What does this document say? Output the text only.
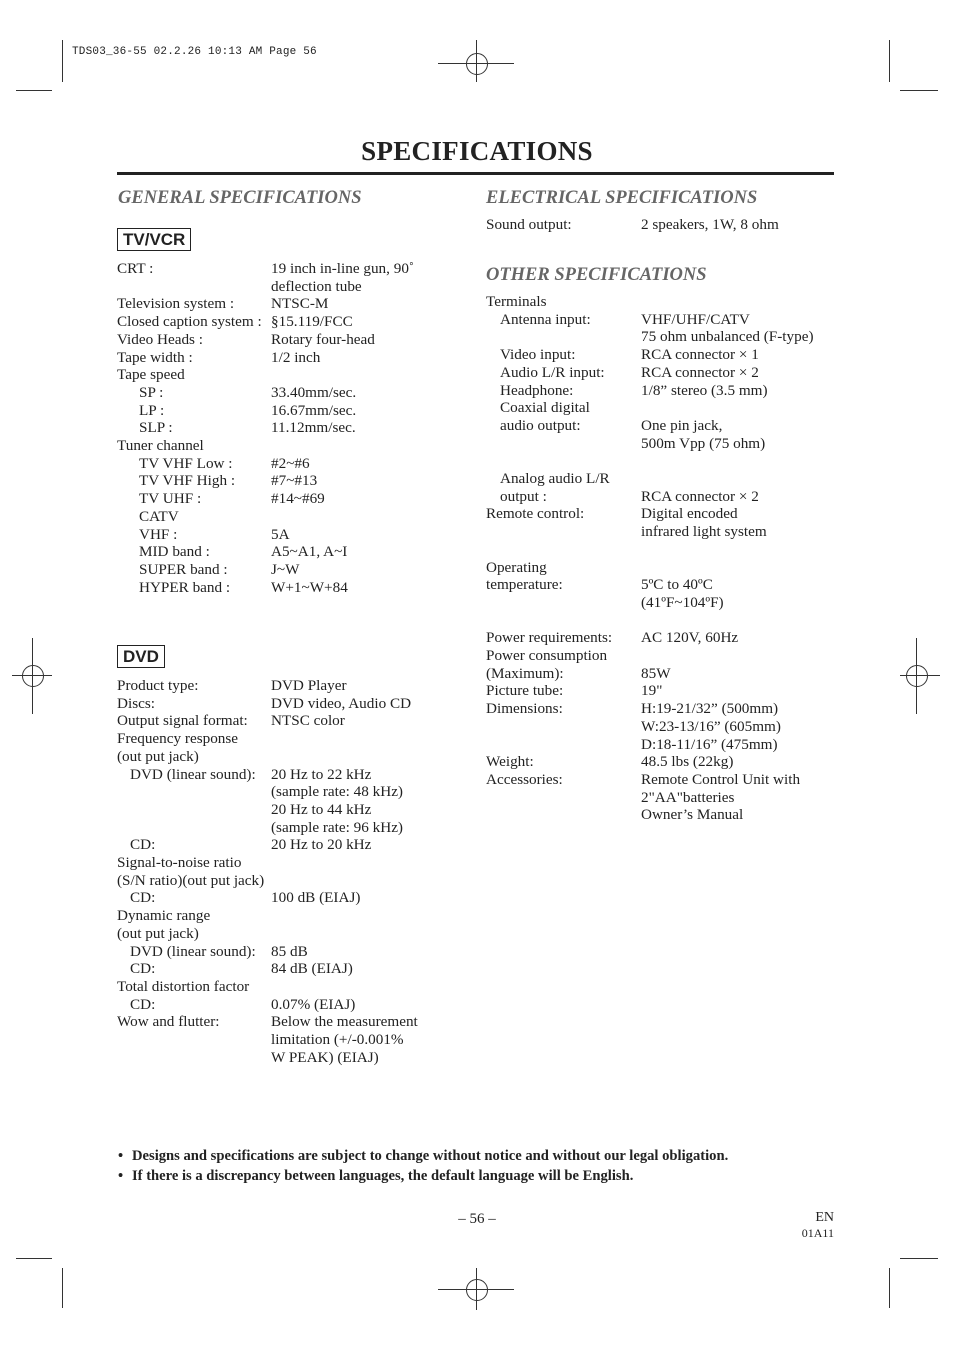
TDS03_36-55 02.2.26 10:13 AM Page 56
SPECIFICATIONS
GENERAL SPECIFICATIONS
TV/VCR
DVD
ELECTRICAL SPECIFICATIONS
OTHER SPECIFICATIONS
• Designs and specifications are subject to change without notice and without our legal obligation.
• If there is a discrepancy between languages, the default language will be English.
– 56 –	EN
01A11
CRT :	19 inch in-line gun, 90˚
deflection tube
Television system : NTSC-M
Closed caption system : §15.119/FCC
Video Heads :	Rotary four-head
Tape width :	1/2 inch
Tape speed
SP :	33.40mm/sec.
LP :	16.67mm/sec.
SLP :	11.12mm/sec.
Tuner channel
TV VHF Low :	#2~#6
TV VHF High : #7~#13
TV UHF :	#14~#69
CATV
VHF :	5A
MID band :	A5~A1, A~I
SUPER band :	J~W
HYPER band :	W+1~W+84
Product type:	DVD Player
Discs:	DVD video, Audio CD
Output signal format: NTSC color
Frequency response
(out put jack)
DVD (linear sound): 20 Hz to 22 kHz
(sample rate: 48 kHz)
20 Hz to 44 kHz
(sample rate: 96 kHz)
CD:	20 Hz to 20 kHz
Signal-to-noise ratio
(S/N ratio)(out put jack)
CD:	100 dB (EIAJ)
Dynamic range
(out put jack)
DVD (linear sound): 85 dB
CD:	84 dB (EIAJ)
Total distortion factor
CD:	0.07% (EIAJ)
Wow and flutter:	Below the measurement
limitation (+/-0.001%
W PEAK) (EIAJ)
Sound output:	2 speakers, 1W, 8 ohm
Terminals
Antenna input:	VHF/UHF/CATV
75 ohm unbalanced (F-type)
Video input:	RCA connector × 1
Audio L/R input: RCA connector × 2
Headphone:	1/8” stereo (3.5 mm)
Coaxial digital
audio output:	One pin jack,
500m Vpp (75 ohm)
Analog audio L/R
output :	RCA connector × 2
Remote control:	Digital encoded
infrared light system
Operating
temperature:	5ºC to 40ºC
(41ºF~104ºF)
Power requirements: AC 120V, 60Hz
Power consumption
(Maximum):	85W
Picture tube:	19"
Dimensions:	H:19-21/32” (500mm)
W:23-13/16” (605mm)
D:18-11/16” (475mm)
Weight:	48.5 lbs (22kg)
Accessories:	Remote Control Unit with
2"AA"batteries
Owner’s Manual
